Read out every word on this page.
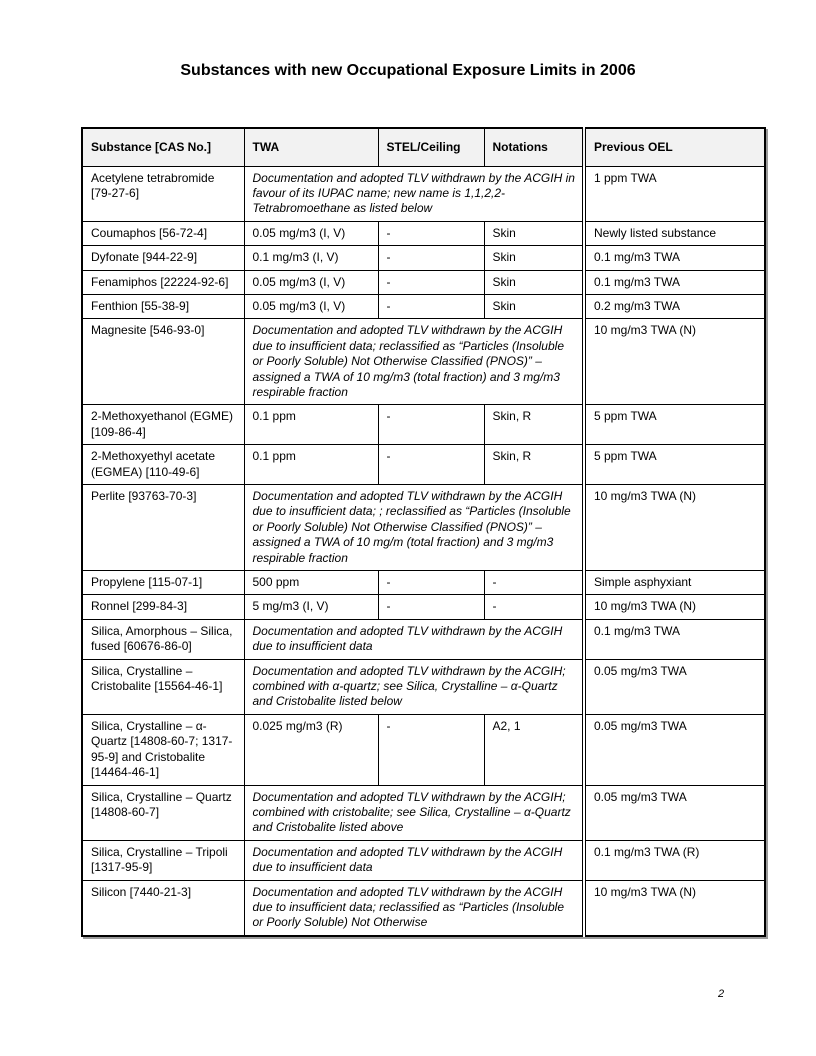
Substances with new Occupational Exposure Limits in 2006
Substance [CAS No.]	TWA	STEL/Ceiling	Notations	Previous OEL
Acetylene tetrabromide [79-27-6]	Documentation and adopted TLV withdrawn by the ACGIH in favour of its IUPAC name; new name is 1,1,2,2-Tetrabromoethane as listed below			1 ppm TWA
Coumaphos [56-72-4]	0.05 mg/m3 (I, V)	-	Skin	Newly listed substance
Dyfonate [944-22-9]	0.1 mg/m3 (I, V)	-	Skin	0.1 mg/m3 TWA
Fenamiphos [22224-92-6]	0.05 mg/m3 (I, V)	-	Skin	0.1 mg/m3 TWA
Fenthion [55-38-9]	0.05 mg/m3 (I, V)	-	Skin	0.2 mg/m3 TWA
Magnesite [546-93-0]	Documentation and adopted TLV withdrawn by the ACGIH due to insufficient data; reclassified as “Particles (Insoluble or Poorly Soluble) Not Otherwise Classified (PNOS)” – assigned a TWA of 10 mg/m3 (total fraction) and 3 mg/m3 respirable fraction			10 mg/m3 TWA (N)
2-Methoxyethanol (EGME) [109-86-4]	0.1 ppm	-	Skin, R	5 ppm TWA
2-Methoxyethyl acetate (EGMEA) [110-49-6]	0.1 ppm	-	Skin, R	5 ppm TWA
Perlite [93763-70-3]	Documentation and adopted TLV withdrawn by the ACGIH due to insufficient data; ; reclassified as “Particles (Insoluble or Poorly Soluble) Not Otherwise Classified (PNOS)” – assigned a TWA of 10 mg/m (total fraction) and 3 mg/m3 respirable fraction			10 mg/m3 TWA (N)
Propylene [115-07-1]	500 ppm	-	-	Simple asphyxiant
Ronnel [299-84-3]	5 mg/m3 (I, V)	-	-	10 mg/m3 TWA (N)
Silica, Amorphous – Silica, fused [60676-86-0]	Documentation and adopted TLV withdrawn by the ACGIH due to insufficient data			0.1 mg/m3 TWA
Silica, Crystalline – Cristobalite [15564-46-1]	Documentation and adopted TLV withdrawn by the ACGIH; combined with α-quartz; see Silica, Crystalline – α-Quartz and Cristobalite listed below			0.05 mg/m3 TWA
Silica, Crystalline – α-Quartz [14808-60-7; 1317-95-9] and Cristobalite [14464-46-1]	0.025 mg/m3 (R)	-	A2, 1	0.05 mg/m3 TWA
Silica, Crystalline – Quartz [14808-60-7]	Documentation and adopted TLV withdrawn by the ACGIH; combined with cristobalite; see Silica, Crystalline – α-Quartz and Cristobalite listed above			0.05 mg/m3 TWA
Silica, Crystalline – Tripoli [1317-95-9]	Documentation and adopted TLV withdrawn by the ACGIH due to insufficient data			0.1 mg/m3 TWA (R)
Silicon [7440-21-3]	Documentation and adopted TLV withdrawn by the ACGIH due to insufficient data; reclassified as “Particles (Insoluble or Poorly Soluble) Not Otherwise			10 mg/m3 TWA (N)
2
